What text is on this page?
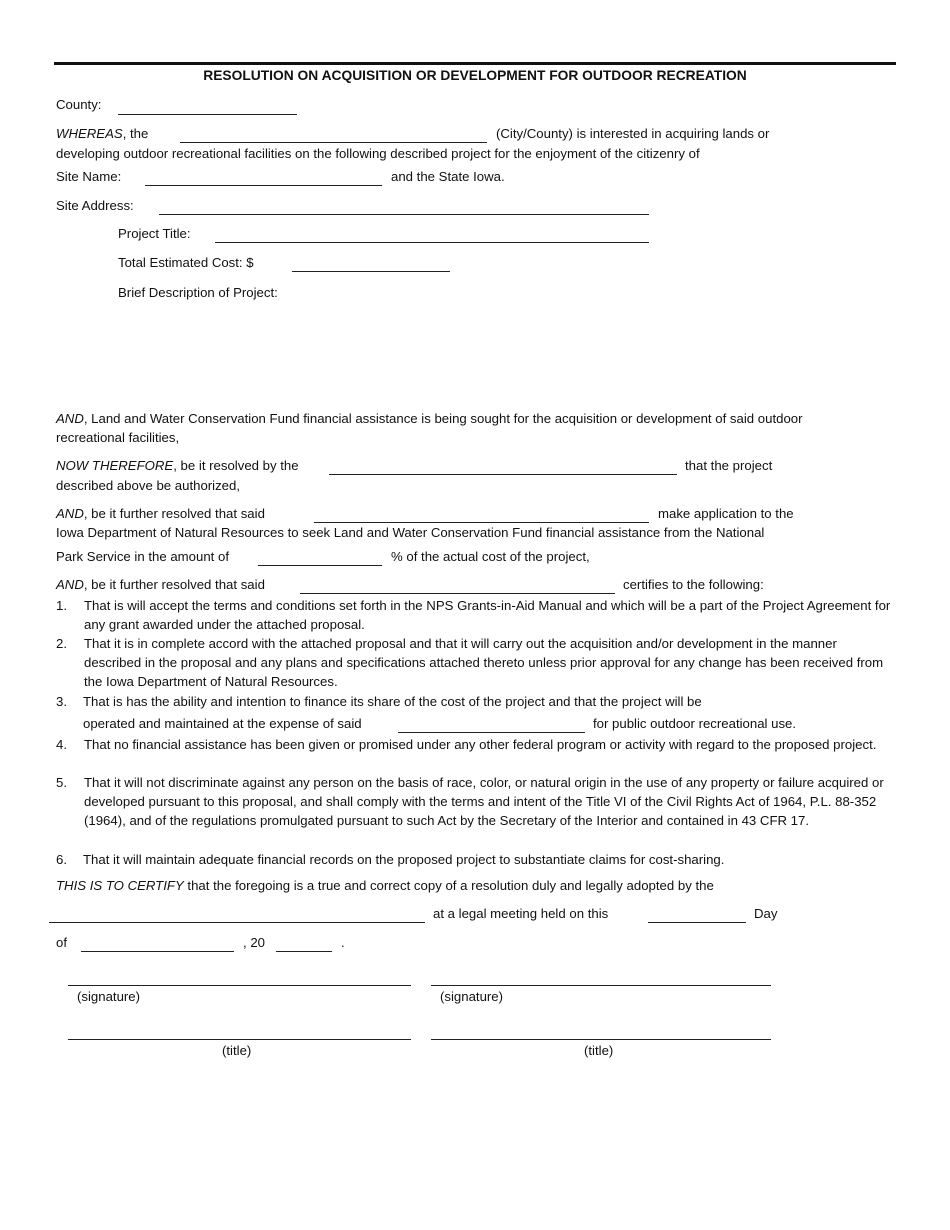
RESOLUTION ON ACQUISITION OR DEVELOPMENT FOR OUTDOOR RECREATION
County:
WHEREAS, the	(City/County) is interested in acquiring lands or
developing outdoor recreational facilities on the following described project for the enjoyment of the citizenry of
Site Name:	and the State Iowa.
Site Address:
Project Title:
Total Estimated Cost: $
Brief Description of Project:
AND, Land and Water Conservation Fund financial assistance is being sought for the acquisition or development of said outdoor
recreational facilities,
NOW THEREFORE, be it resolved by the	that the project
described above be authorized,
AND, be it further resolved that said	make application to the
Iowa Department of Natural Resources to seek Land and Water Conservation Fund financial assistance from the National
Park Service in the amount of	% of the actual cost of the project,
AND, be it further resolved that said	certifies to the following:
1. That is will accept the terms and conditions set forth in the NPS Grants-in-Aid Manual and which will be a part of the Project Agreement for any grant awarded under the attached proposal.
2. That it is in complete accord with the attached proposal and that it will carry out the acquisition and/or development in the manner described in the proposal and any plans and specifications attached thereto unless prior approval for any change has been received from the Iowa Department of Natural Resources.
3. That is has the ability and intention to finance its share of the cost of the project and that the project will be
operated and maintained at the expense of said	for public outdoor recreational use.
4. That no financial assistance has been given or promised under any other federal program or activity with regard to the proposed project.
5. That it will not discriminate against any person on the basis of race, color, or natural origin in the use of any property or failure acquired or developed pursuant to this proposal, and shall comply with the terms and intent of the Title VI of the Civil Rights Act of 1964, P.L. 88-352 (1964), and of the regulations promulgated pursuant to such Act by the Secretary of the Interior and contained in 43 CFR 17.
6. That it will maintain adequate financial records on the proposed project to substantiate claims for cost-sharing.
THIS IS TO CERTIFY that the foregoing is a true and correct copy of a resolution duly and legally adopted by the
at a legal meeting held on this	Day
of	, 20	.
(signature)	(signature)
(title)	(title)
